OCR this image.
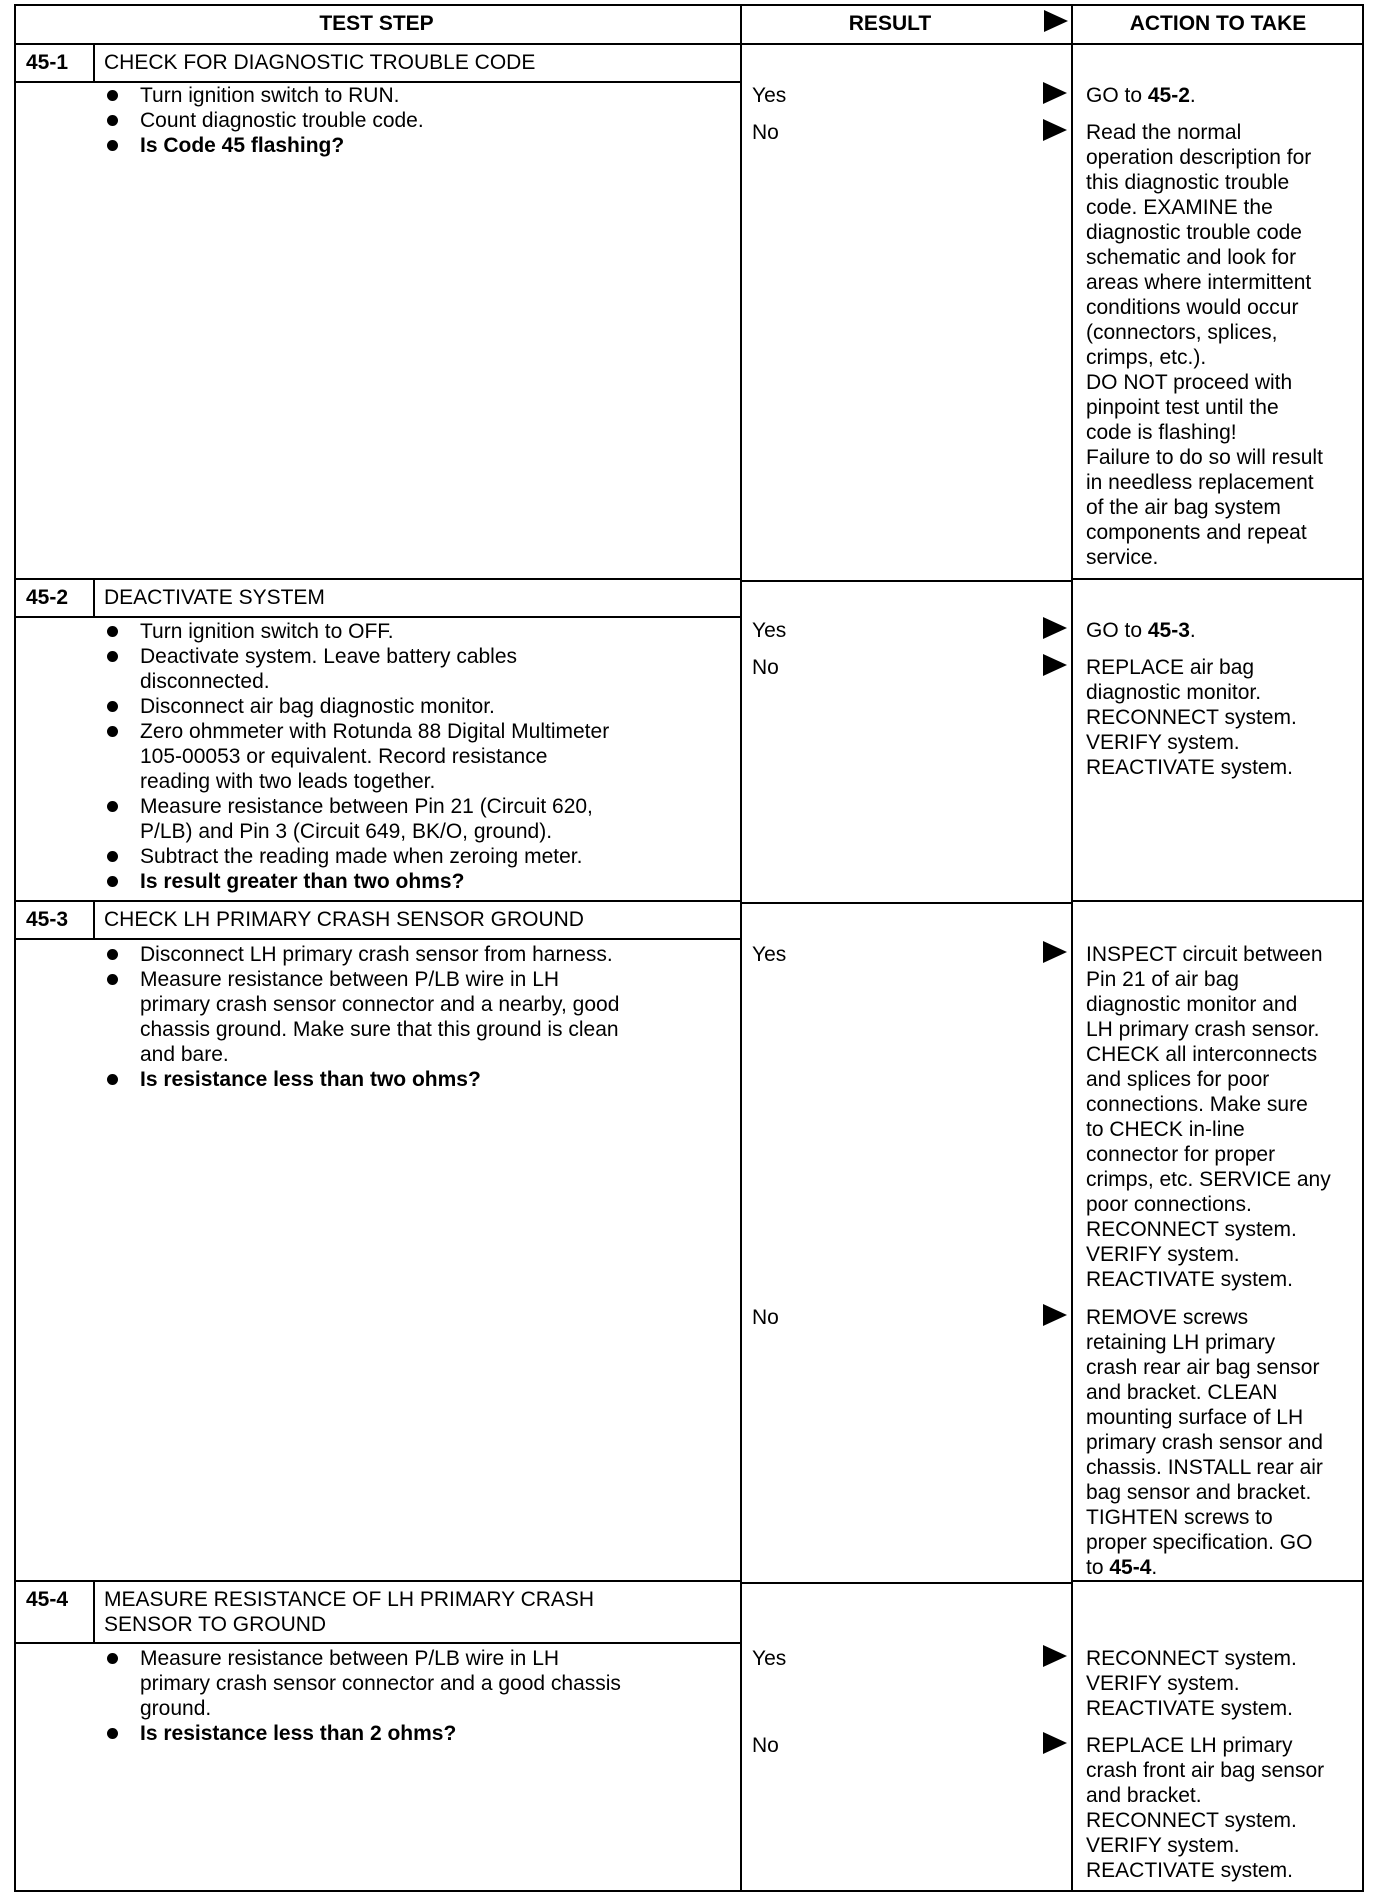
TEST STEP	RESULT	ACTION TO TAKE
45-1 CHECK FOR DIAGNOSTIC TROUBLE CODE
Turn ignition switch to RUN.
Count diagnostic trouble code.
Is Code 45 flashing?
Yes	GO to 45-2.
No	Read the normal
operation description for
this diagnostic trouble
code. EXAMINE the
diagnostic trouble code
schematic and look for
areas where intermittent
conditions would occur
(connectors, splices,
crimps, etc.).
DO NOT proceed with
pinpoint test until the
code is flashing!
Failure to do so will result
in needless replacement
of the air bag system
components and repeat
service.
45-2 DEACTIVATE SYSTEM
Turn ignition switch to OFF.
Deactivate system. Leave battery cables
disconnected.
Disconnect air bag diagnostic monitor.
Zero ohmmeter with Rotunda 88 Digital Multimeter
105-00053 or equivalent. Record resistance
reading with two leads together.
Measure resistance between Pin 21 (Circuit 620,
P/LB) and Pin 3 (Circuit 649, BK/O, ground).
Subtract the reading made when zeroing meter.
Is result greater than two ohms?
Yes	GO to 45-3.
No	REPLACE air bag
diagnostic monitor.
RECONNECT system.
VERIFY system.
REACTIVATE system.
45-3 CHECK LH PRIMARY CRASH SENSOR GROUND
Disconnect LH primary crash sensor from harness.
Measure resistance between P/LB wire in LH
primary crash sensor connector and a nearby, good
chassis ground. Make sure that this ground is clean
and bare.
Is resistance less than two ohms?
Yes	INSPECT circuit between
Pin 21 of air bag
diagnostic monitor and
LH primary crash sensor.
CHECK all interconnects
and splices for poor
connections. Make sure
to CHECK in-line
connector for proper
crimps, etc. SERVICE any
poor connections.
RECONNECT system.
VERIFY system.
REACTIVATE system.
No	REMOVE screws
retaining LH primary
crash rear air bag sensor
and bracket. CLEAN
mounting surface of LH
primary crash sensor and
chassis. INSTALL rear air
bag sensor and bracket.
TIGHTEN screws to
proper specification. GO
to 45-4.
45-4 MEASURE RESISTANCE OF LH PRIMARY CRASH
SENSOR TO GROUND
Measure resistance between P/LB wire in LH
primary crash sensor connector and a good chassis
ground.
Is resistance less than 2 ohms?
Yes	RECONNECT system.
VERIFY system.
REACTIVATE system.
No	REPLACE LH primary
crash front air bag sensor
and bracket.
RECONNECT system.
VERIFY system.
REACTIVATE system.
